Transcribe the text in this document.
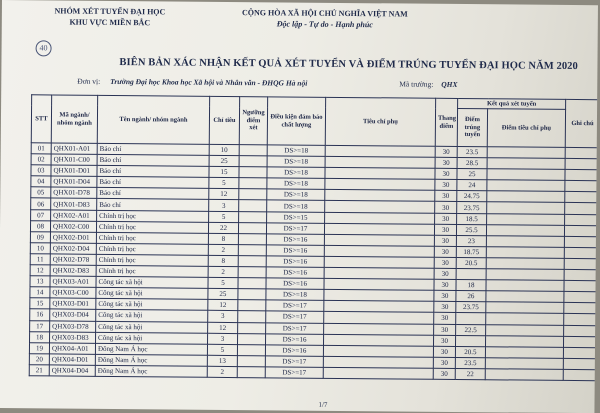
NHÓM XÉT TUYỂN ĐẠI HỌC
KHU VỰC MIỀN BẮC
40
CỘNG HÒA XÃ HỘI CHỦ NGHĨA VIỆT NAM
Độc lập - Tự do - Hạnh phúc
BIÊN BẢN XÁC NHẬN KẾT QUẢ XÉT TUYỂN VÀ ĐIỂM TRÚNG TUYỂN ĐẠI HỌC NĂM 2020
Đơn vị: Trường Đại học Khoa học Xã hội và Nhân văn - ĐHQG Hà nội	Mã trường: QHX
STT	Mã ngành/ nhóm ngành	Tên ngành/ nhóm ngành	Chỉ tiêu	Ngưỡng điểm xét	Điều kiện đảm bảo chất lượng	Tiêu chí phụ	Thang điểm	Kết quả xét tuyển		Ghi chú
								Điểm trúng tuyển	Điểm tiêu chí phụ	
01	QHX01-A01	Báo chí	10		DS>=18		30	23.5		
02	QHX01-C00	Báo chí	25		DS>=18		30	28.5		
03	QHX01-D01	Báo chí	15		DS>=18		30	25		
04	QHX01-D04	Báo chí	5		DS>=18		30	24		
05	QHX01-D78	Báo chí	12		DS>=18		30	24.75		
06	QHX01-D83	Báo chí	3		DS>=18		30	23.75		
07	QHX02-A01	Chính trị học	5		DS>=15		30	18.5		
08	QHX02-C00	Chính trị học	22		DS>=17		30	25.5		
09	QHX02-D01	Chính trị học	8		DS>=16		30	23		
10	QHX02-D04	Chính trị học	2		DS>=16		30	18.75		
11	QHX02-D78	Chính trị học	8		DS>=16		30	20.5		
12	QHX02-D83	Chính trị học	2		DS>=16		30			
13	QHX03-A01	Công tác xã hội	5		DS>=16		30	18		
14	QHX03-C00	Công tác xã hội	25		DS>=18		30	26		
15	QHX03-D01	Công tác xã hội	12		DS>=17		30	23.75		
16	QHX03-D04	Công tác xã hội	3		DS>=17		30			
17	QHX03-D78	Công tác xã hội	12		DS>=17		30	22.5		
18	QHX03-D83	Công tác xã hội	3		DS>=16		30			
19	QHX04-A01	Đông Nam Á học	5		DS>=16		30	20.5		
20	QHX04-D01	Đông Nam Á học	13		DS>=17		30	23.5		
21	QHX04-D04	Đông Nam Á học	2		DS>=17		30	22		
1/7
